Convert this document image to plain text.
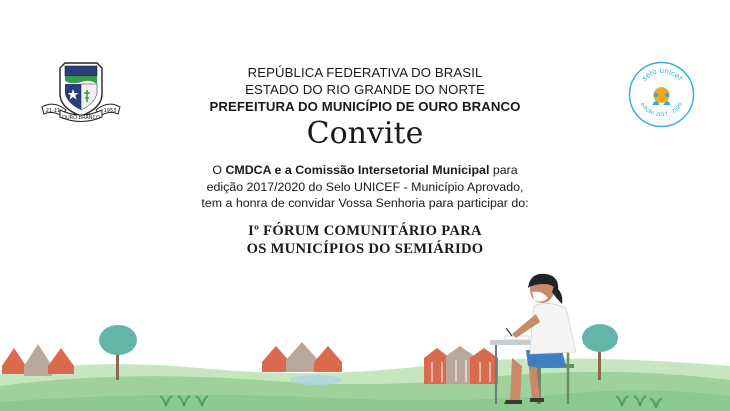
21-11
OURO BRANCO
1953
REPÚBLICA FEDERATIVA DO BRASIL
ESTADO DO RIO GRANDE DO NORTE
PREFEITURA DO MUNICÍPIO DE OURO BRANCO
selo unicef
edição 2017 - 2020
Convite
O CMDCA e a Comissão Intersetorial Municipal para
edição 2017/2020 do Selo UNICEF - Município Aprovado,
tem a honra de convidar Vossa Senhoria para participar do:
Iº FÓRUM COMUNITÁRIO PARA
OS MUNICÍPIOS DO SEMIÁRIDO
